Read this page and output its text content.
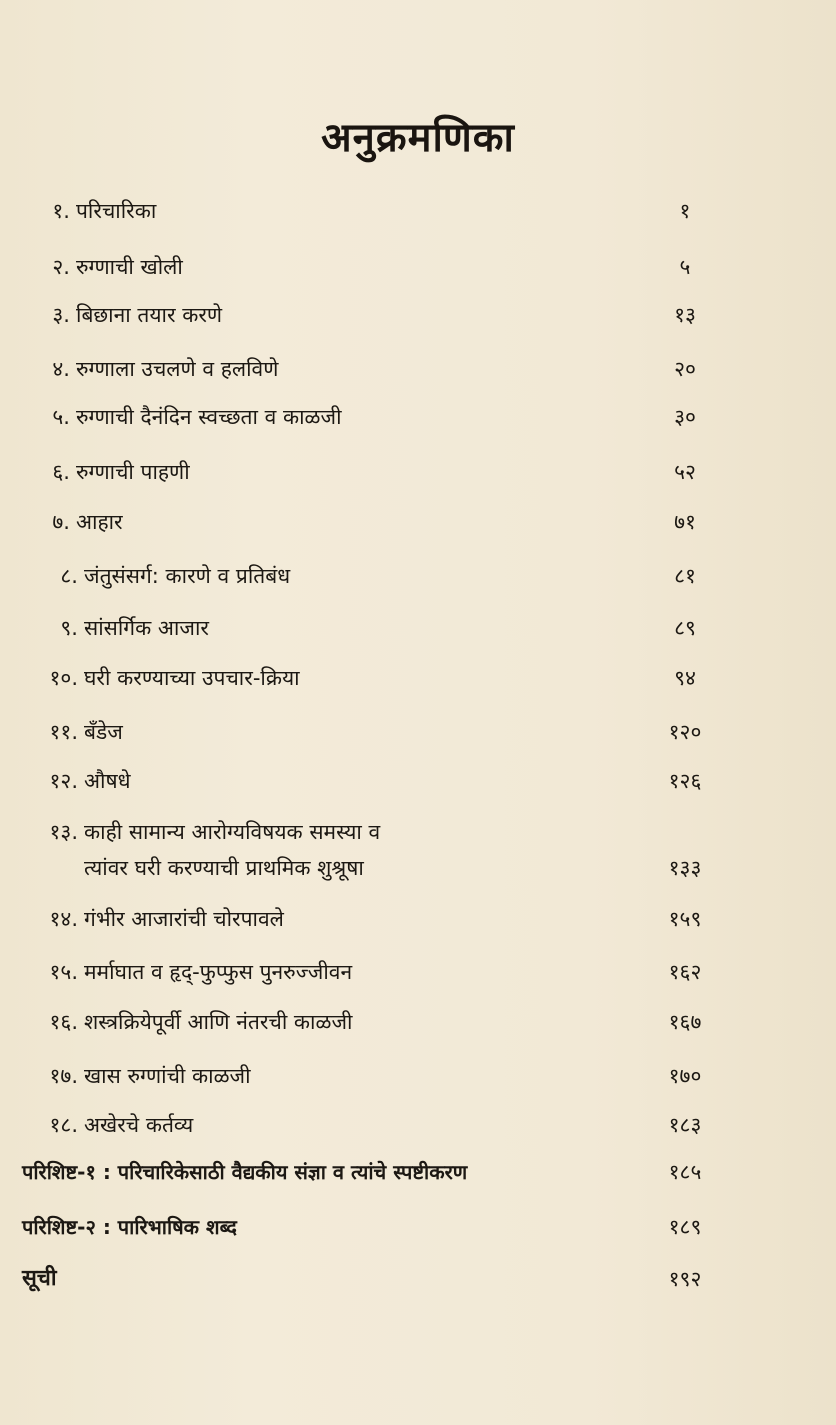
अनुक्रमणिका
१. परिचारिका	१
२. रुग्णाची खोली	५
३. बिछाना तयार करणे	१३
४. रुग्णाला उचलणे व हलविणे	२०
५. रुग्णाची दैनंदिन स्वच्छता व काळजी	३०
६. रुग्णाची पाहणी	५२
७. आहार	७१
८. जंतुसंसर्ग: कारणे व प्रतिबंध	८१
९. सांसर्गिक आजार	८९
१०. घरी करण्याच्या उपचार-क्रिया	९४
११. बँडेज	१२०
१२. औषधे	१२६
१३. काही सामान्य आरोग्यविषयक समस्या व
त्यांवर घरी करण्याची प्राथमिक शुश्रूषा	१३३
१४. गंभीर आजारांची चोरपावले	१५९
१५. मर्माघात व हृद्-फुप्फुस पुनरुज्जीवन	१६२
१६. शस्त्रक्रियेपूर्वी आणि नंतरची काळजी	१६७
१७. खास रुग्णांची काळजी	१७०
१८. अखेरचे कर्तव्य	१८३
परिशिष्ट-१ : परिचारिकेसाठी वैद्यकीय संज्ञा व त्यांचे स्पष्टीकरण	१८५
परिशिष्ट-२ : पारिभाषिक शब्द	१८९
सूची	१९२
